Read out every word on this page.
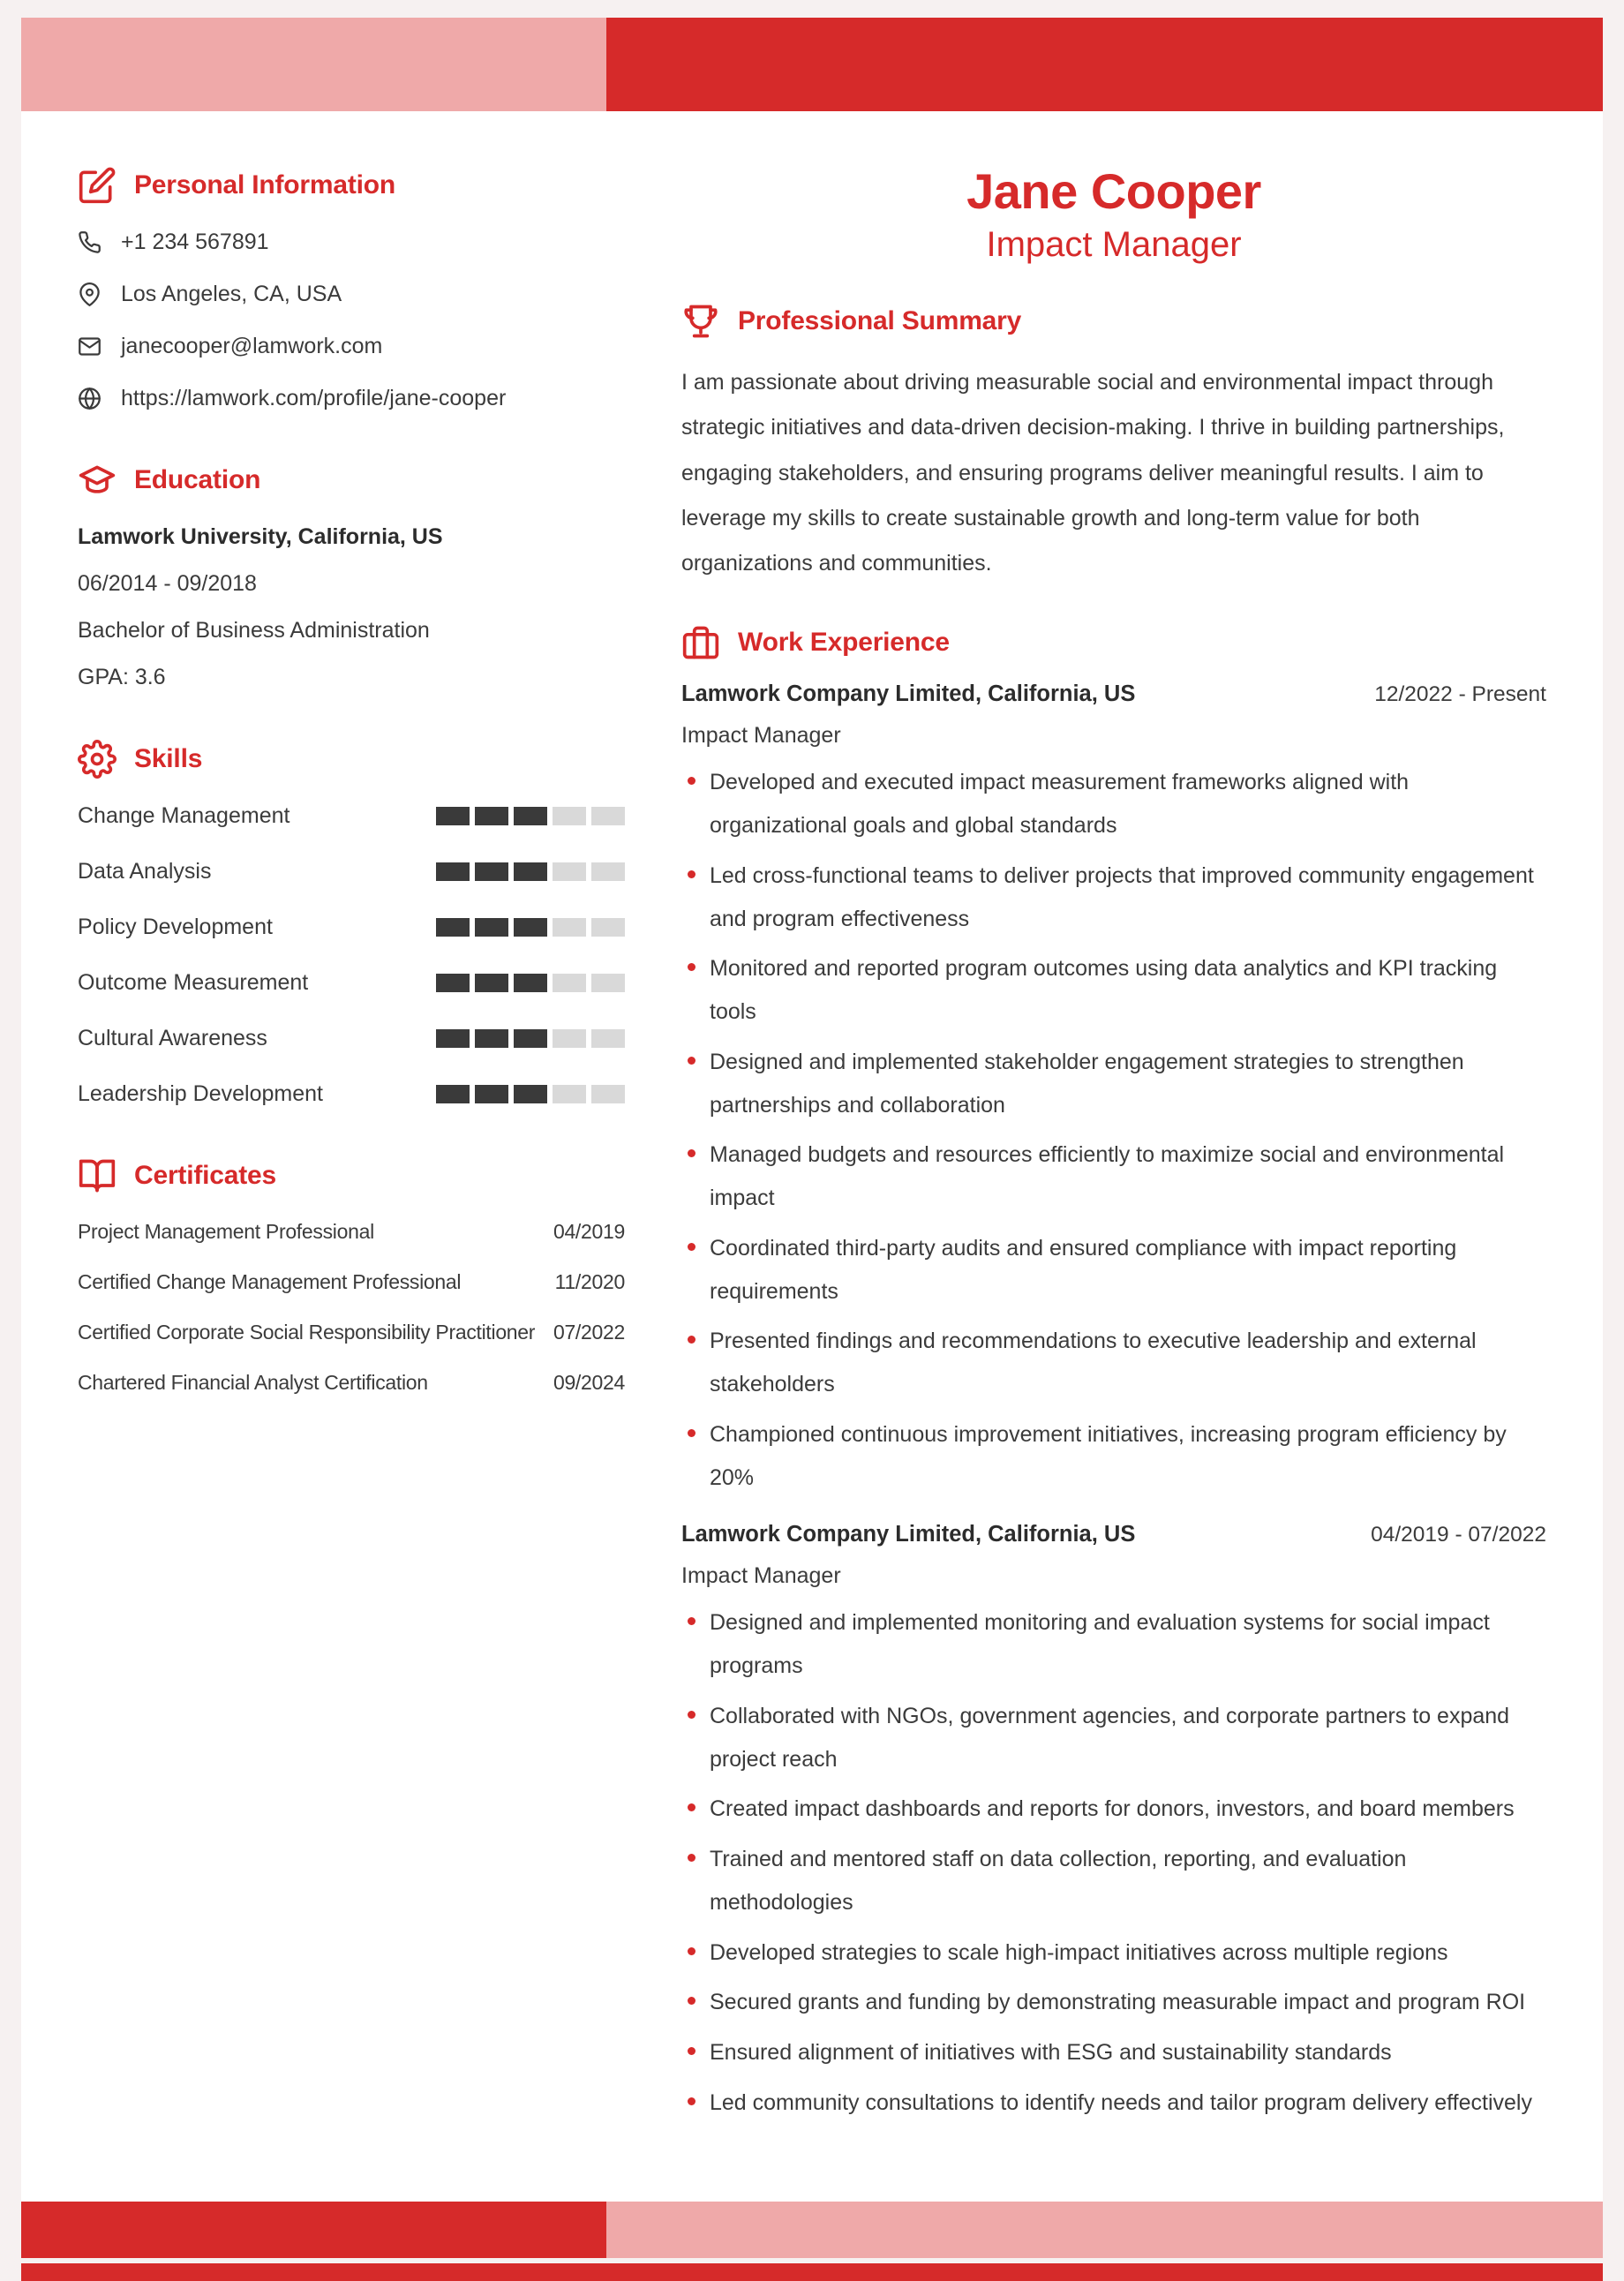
Personal Information
+1 234 567891
Los Angeles, CA, USA
janecooper@lamwork.com
https://lamwork.com/profile/jane-cooper
Education

Lamwork University, California, US

06/2014 - 09/2018

Bachelor of Business Administration

GPA: 3.6

Skills
Change Management
Data Analysis
Policy Development
Outcome Measurement
Cultural Awareness
Leadership Development
Certificates
Project Management Professional	04/2019
Certified Change Management Professional	11/2020
Certified Corporate Social Responsibility Practitioner 07/2022
Chartered Financial Analyst Certification	09/2024
Jane Cooper
Impact Manager
Professional Summary

I am passionate about driving measurable social and environmental impact through strategic initiatives and data-driven decision-making. I thrive in building partnerships, engaging stakeholders, and ensuring programs deliver meaningful results. I aim to leverage my skills to create sustainable growth and long-term value for both organizations and communities.

Work Experience
Lamwork Company Limited, California, US	12/2022 - Present
Impact Manager
Developed and executed impact measurement frameworks aligned with organizational goals and global standards
Led cross-functional teams to deliver projects that improved community engagement and program effectiveness
Monitored and reported program outcomes using data analytics and KPI tracking tools
Designed and implemented stakeholder engagement strategies to strengthen partnerships and collaboration
Managed budgets and resources efficiently to maximize social and environmental impact
Coordinated third-party audits and ensured compliance with impact reporting requirements
Presented findings and recommendations to executive leadership and external stakeholders
Championed continuous improvement initiatives, increasing program efficiency by 20%
Lamwork Company Limited, California, US	04/2019 - 07/2022
Impact Manager
Designed and implemented monitoring and evaluation systems for social impact programs
Collaborated with NGOs, government agencies, and corporate partners to expand project reach
Created impact dashboards and reports for donors, investors, and board members
Trained and mentored staff on data collection, reporting, and evaluation methodologies
Developed strategies to scale high-impact initiatives across multiple regions
Secured grants and funding by demonstrating measurable impact and program ROI
Ensured alignment of initiatives with ESG and sustainability standards
Led community consultations to identify needs and tailor program delivery effectively
